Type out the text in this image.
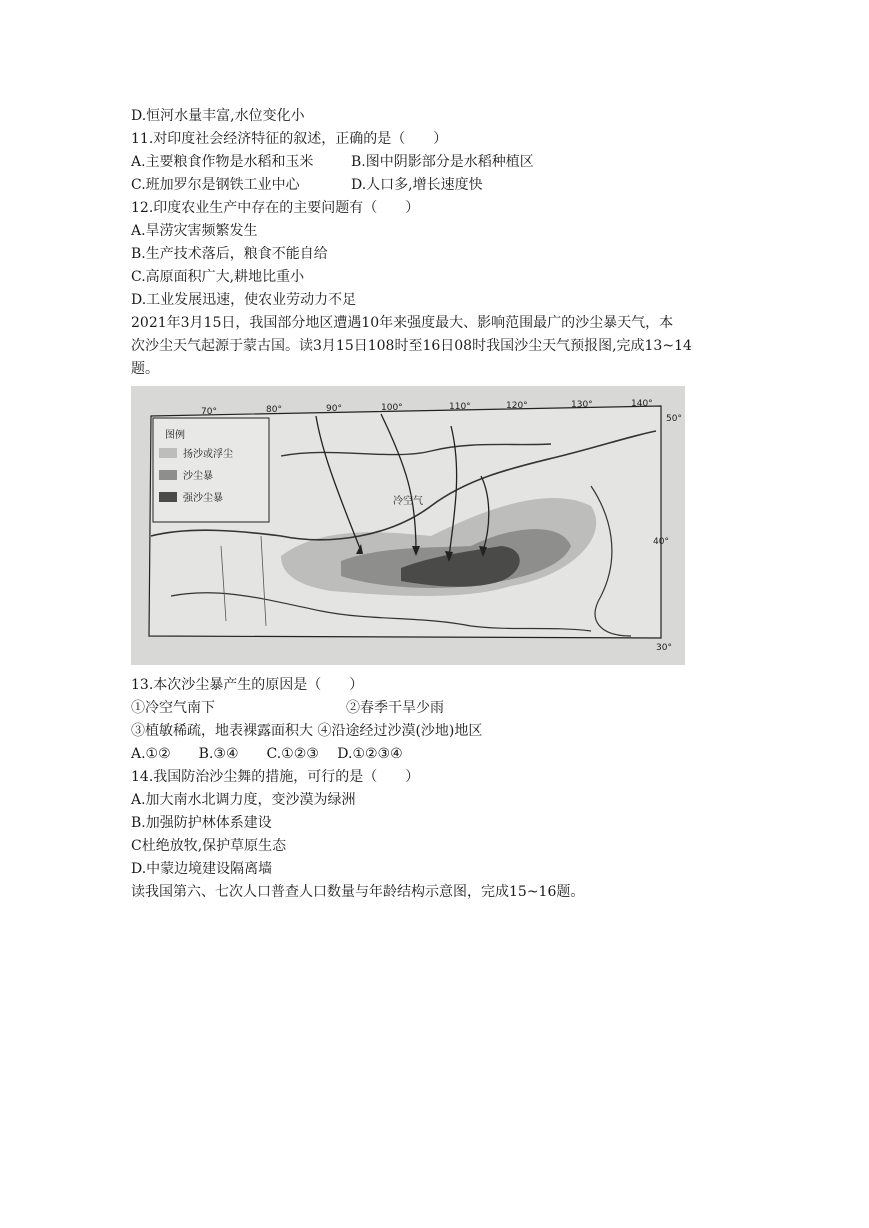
D.恒河水量丰富,水位变化小
11.对印度社会经济特征的叙述，正确的是（　　）
A.主要粮食作物是水稻和玉米	B.图中阴影部分是水稻种植区
C.班加罗尔是钢铁工业中心	D.人口多,增长速度快
12.印度农业生产中存在的主要问题有（　　）
A.旱涝灾害频繁发生
B.生产技术落后，粮食不能自给
C.高原面积广大,耕地比重小
D.工业发展迅速，使农业劳动力不足
2021年3月15日，我国部分地区遭遇10年来强度最大、影响范围最广的沙尘暴天气，本
次沙尘天气起源于蒙古国。读3月15日108时至16日08时我国沙尘天气预报图,完成13~14
题。
70°	80°	90°	100°	110°	120°	130°	140°
50°
40°
30°
冷空气
图例
扬沙或浮尘
沙尘暴
强沙尘暴
13.本次沙尘暴产生的原因是（　　）
①冷空气南下	②春季干旱少雨
③植敏稀疏，地表裸露面积大 ④沿途经过沙漠(沙地)地区
A.①②　　B.③④　　C.①②③　 D.①②③④
14.我国防治沙尘舞的措施，可行的是（　　）
A.加大南水北调力度，变沙漠为绿洲
B.加强防护林体系建设
C杜绝放牧,保护草原生态
D.中蒙边境建设隔离墙
读我国第六、七次人口普查人口数量与年龄结构示意图，完成15~16题。
